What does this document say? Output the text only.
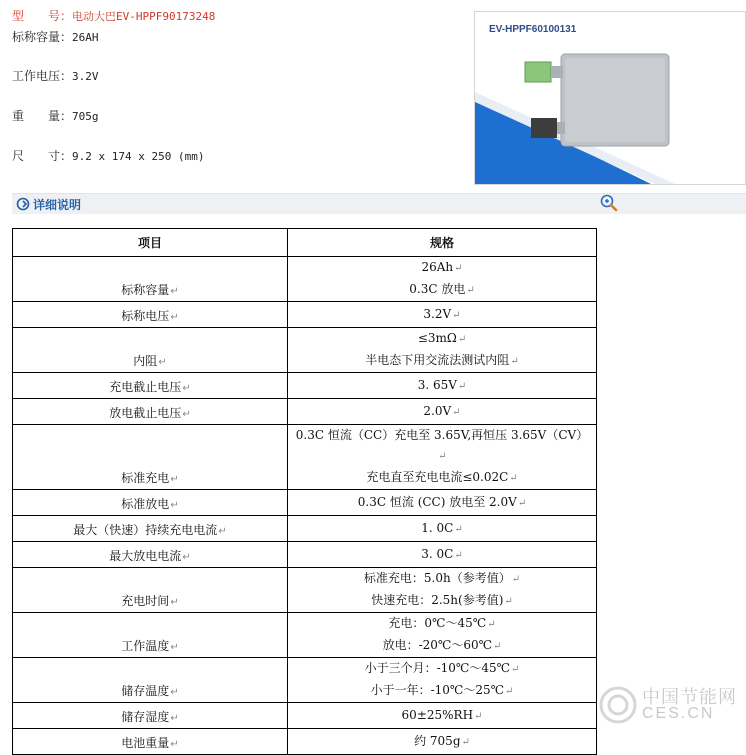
型　　号：电动大巴EV-HPPF90173248
标称容量：26AH
工作电压：3.2V
重　　量：705g
尺　　寸：9.2 x 174 x 250 (mm)
EV-HPPF60100131
详细说明
项目	规格
标称容量↵	26Ah↵
0.3C 放电↵

标称电压↵	3.2V↵

内阻↵	≤3mΩ↵
半电态下用交流法测试内阻↵

充电截止电压↵	3. 65V↵

放电截止电压↵	2.0V↵

标准充电↵	0.3C 恒流（CC）充电至 3.65V,再恒压 3.65V（CV）↵
充电直至充电电流≤0.02C↵

标准放电↵	0.3C 恒流 (CC) 放电至 2.0V↵

最大（快速）持续充电电流↵	1. 0C↵

最大放电电流↵	3. 0C↵

充电时间↵	标准充电：5.0h（参考值）↵
快速充电：2.5h(参考值)↵

工作温度↵	充电：0℃～45℃↵
放电：-20℃～60℃↵

储存温度↵	小于三个月：-10℃～45℃↵
小于一年：-10℃～25℃↵

储存湿度↵	60±25%RH↵

电池重量↵	约 705g↵
中国节能网
CES.CN
